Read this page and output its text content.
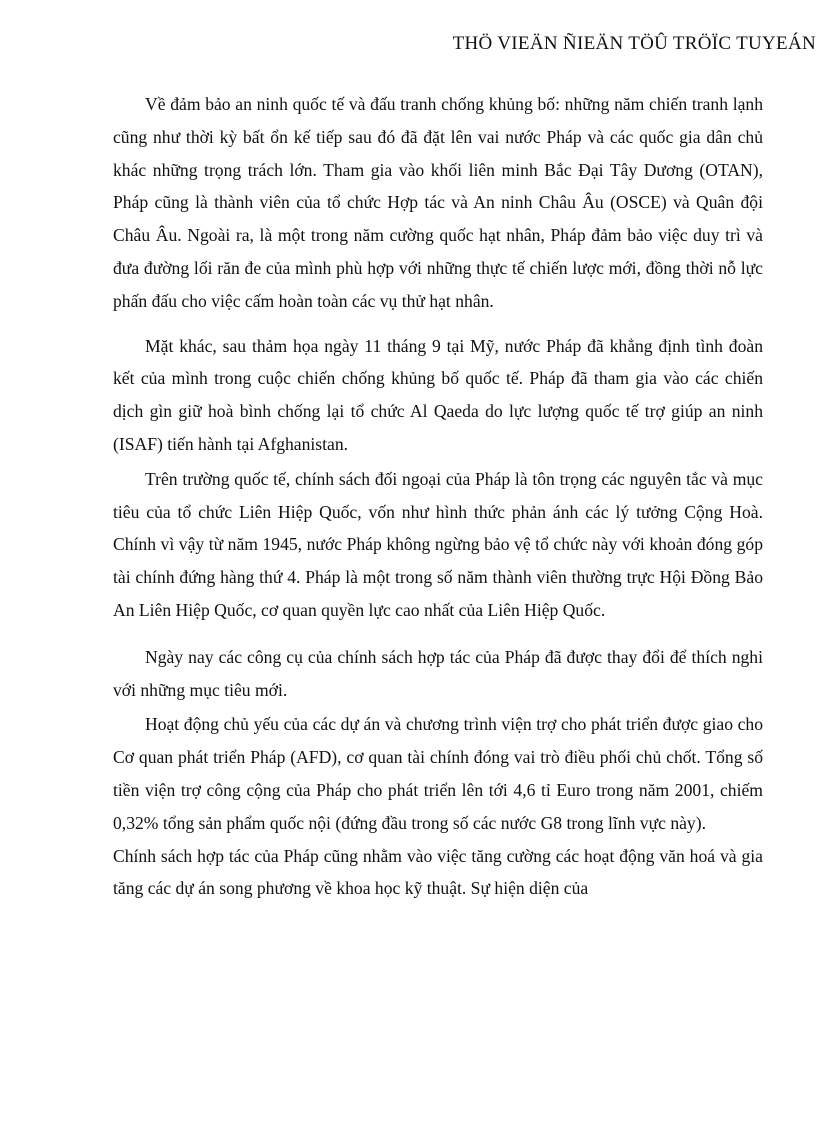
THÖ VIEÄN ÑIEÄN TÖÛ TRÖÏC TUYEÁN

Về đảm bảo an ninh quốc tế và đấu tranh chống khủng bố: những năm chiến tranh lạnh cũng như thời kỳ bất ổn kế tiếp sau đó đã đặt lên vai nước Pháp và các quốc gia dân chủ khác những trọng trách lớn. Tham gia vào khối liên minh Bắc Đại Tây Dương (OTAN), Pháp cũng là thành viên của tổ chức Hợp tác và An ninh Châu Âu (OSCE) và Quân đội Châu Âu. Ngoài ra, là một trong năm cường quốc hạt nhân, Pháp đảm bảo việc duy trì và đưa đường lối răn đe của mình phù hợp với những thực tế chiến lược mới, đồng thời nỗ lực phấn đấu cho việc cấm hoàn toàn các vụ thử hạt nhân.

Mặt khác, sau thảm họa ngày 11 tháng 9 tại Mỹ, nước Pháp đã khẳng định tình đoàn kết của mình trong cuộc chiến chống khủng bố quốc tế. Pháp đã tham gia vào các chiến dịch gìn giữ hoà bình chống lại tổ chức Al Qaeda do lực lượng quốc tế trợ giúp an ninh (ISAF) tiến hành tại Afghanistan.

Trên trường quốc tế, chính sách đối ngoại của Pháp là tôn trọng các nguyên tắc và mục tiêu của tổ chức Liên Hiệp Quốc, vốn như hình thức phản ánh các lý tưởng Cộng Hoà. Chính vì vậy từ năm 1945, nước Pháp không ngừng bảo vệ tổ chức này với khoản đóng góp tài chính đứng hàng thứ 4. Pháp là một trong số năm thành viên thường trực Hội Đồng Bảo An Liên Hiệp Quốc, cơ quan quyền lực cao nhất của Liên Hiệp Quốc.

Ngày nay các công cụ của chính sách hợp tác của Pháp đã được thay đổi để thích nghi với những mục tiêu mới.

Hoạt động chủ yếu của các dự án và chương trình viện trợ cho phát triển được giao cho Cơ quan phát triển Pháp (AFD), cơ quan tài chính đóng vai trò điều phối chủ chốt. Tổng số tiền viện trợ công cộng của Pháp cho phát triển lên tới 4,6 tỉ Euro trong năm 2001, chiếm 0,32% tổng sản phẩm quốc nội (đứng đầu trong số các nước G8 trong lĩnh vực này).

Chính sách hợp tác của Pháp cũng nhằm vào việc tăng cường các hoạt động văn hoá và gia tăng các dự án song phương về khoa học kỹ thuật. Sự hiện diện của
